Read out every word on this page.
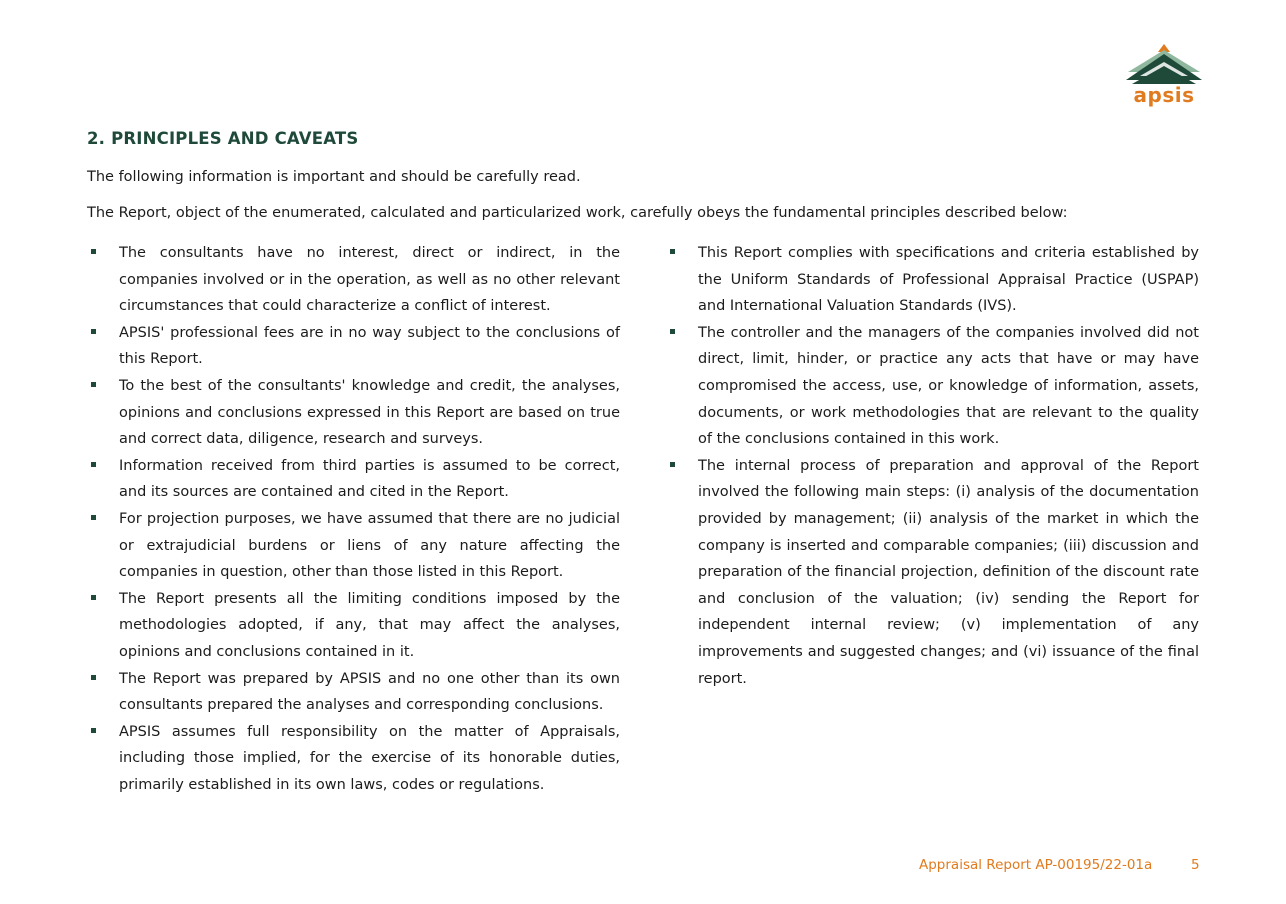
apsis
2. PRINCIPLES AND CAVEATS

The following information is important and should be carefully read.

The Report, object of the enumerated, calculated and particularized work, carefully obeys the fundamental principles described below:

The consultants have no interest, direct or indirect, in the companies involved or in the operation, as well as no other relevant circumstances that could characterize a conflict of interest.
APSIS' professional fees are in no way subject to the conclusions of this Report.
To the best of the consultants' knowledge and credit, the analyses, opinions and conclusions expressed in this Report are based on true and correct data, diligence, research and surveys.
Information received from third parties is assumed to be correct, and its sources are contained and cited in the Report.
For projection purposes, we have assumed that there are no judicial or extrajudicial burdens or liens of any nature affecting the companies in question, other than those listed in this Report.
The Report presents all the limiting conditions imposed by the methodologies adopted, if any, that may affect the analyses, opinions and conclusions contained in it.
The Report was prepared by APSIS and no one other than its own consultants prepared the analyses and corresponding conclusions.
APSIS assumes full responsibility on the matter of Appraisals, including those implied, for the exercise of its honorable duties, primarily established in its own laws, codes or regulations.
This Report complies with specifications and criteria established by the Uniform Standards of Professional Appraisal Practice (USPAP) and International Valuation Standards (IVS).
The controller and the managers of the companies involved did not direct, limit, hinder, or practice any acts that have or may have compromised the access, use, or knowledge of information, assets, documents, or work methodologies that are relevant to the quality of the conclusions contained in this work.
The internal process of preparation and approval of the Report involved the following main steps: (i) analysis of the documentation provided by management; (ii) analysis of the market in which the company is inserted and comparable companies; (iii) discussion and preparation of the financial projection, definition of the discount rate and conclusion of the valuation; (iv) sending the Report for independent internal review; (v) implementation of any improvements and suggested changes; and (vi) issuance of the final report.
Appraisal Report AP-00195/22-01a	5
